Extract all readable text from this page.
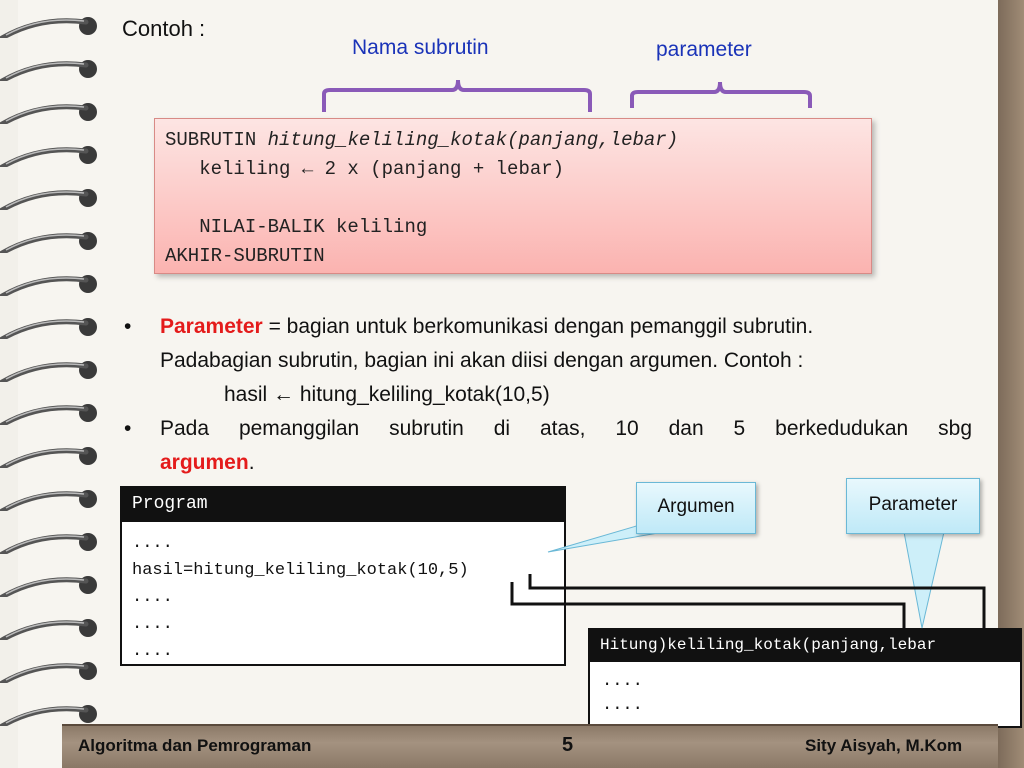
Contoh :
Nama subrutin	parameter
SUBRUTIN hitung_keliling_kotak(panjang,lebar)
keliling ← 2 x (panjang + lebar)
NILAI-BALIK keliling
AKHIR-SUBRUTIN
• Parameter = bagian untuk berkomunikasi dengan pemanggil subrutin.
Padabagian subrutin, bagian ini akan diisi dengan argumen. Contoh :
hasil ← hitung_keliling_kotak(10,5)
• Pada pemanggilan subrutin di atas, 10 dan 5 berkedudukan sbg
argumen.
Program
....
hasil=hitung_keliling_kotak(10,5)
....
....
....	Hitung)keliling_kotak(panjang,lebar
....
....
Argumen	Parameter
Algoritma dan Pemrograman	5	Sity Aisyah, M.Kom
